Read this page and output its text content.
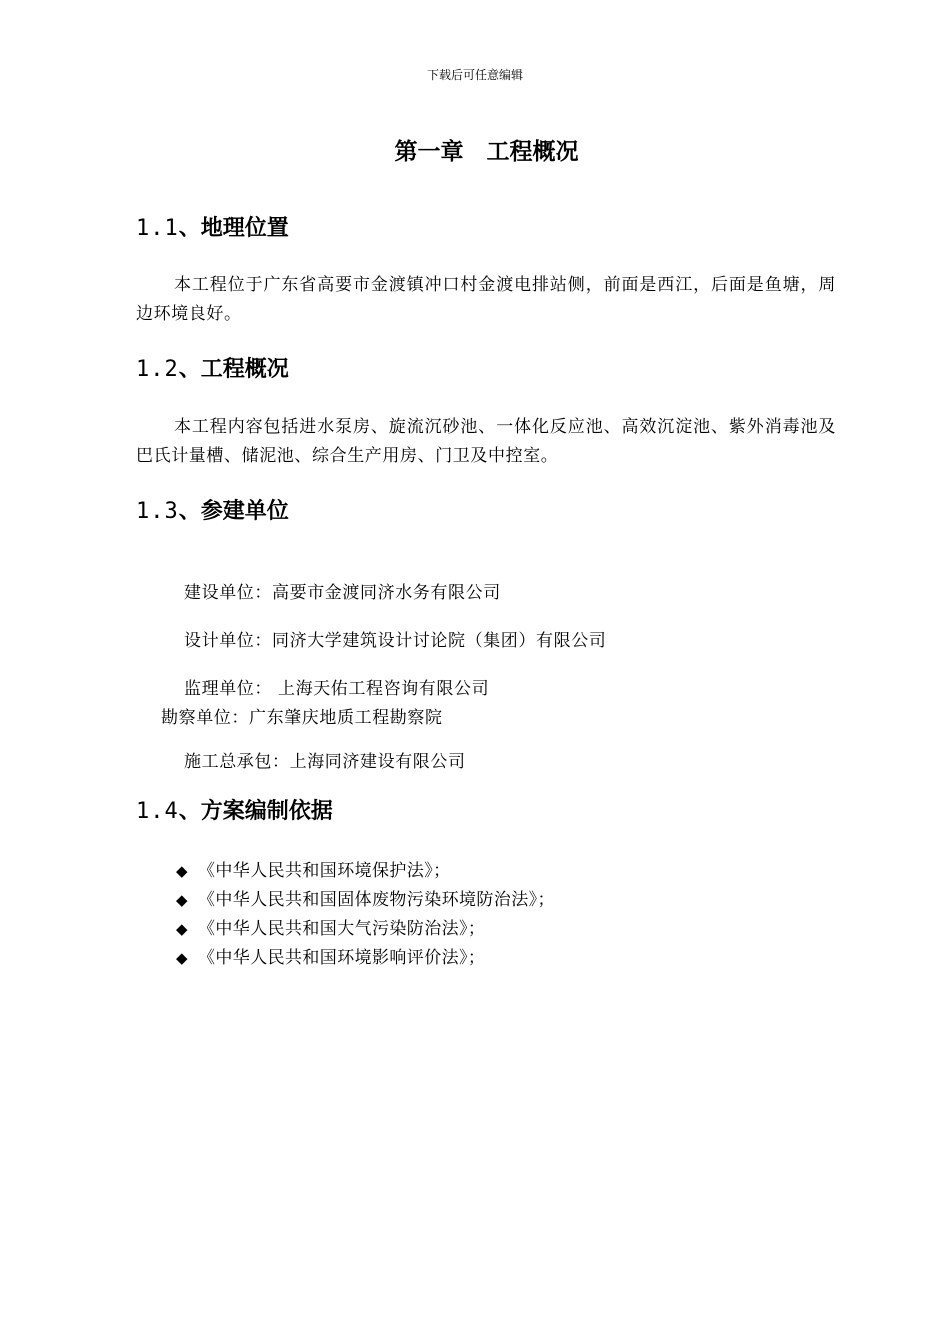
下载后可任意编辑
第一章　工程概况
1.1、地理位置
本工程位于广东省高要市金渡镇冲口村金渡电排站侧，前面是西江，后面是鱼塘，周边环境良好。
1.2、工程概况
本工程内容包括进水泵房、旋流沉砂池、一体化反应池、高效沉淀池、紫外消毒池及巴氏计量槽、储泥池、综合生产用房、门卫及中控室。
1.3、参建单位
建设单位：高要市金渡同济水务有限公司
设计单位：同济大学建筑设计讨论院（集团）有限公司
监理单位： 上海天佑工程咨询有限公司
勘察单位：广东肇庆地质工程勘察院
施工总承包：上海同济建设有限公司
1.4、方案编制依据
◆ 《中华人民共和国环境保护法》；
◆ 《中华人民共和国固体废物污染环境防治法》；
◆ 《中华人民共和国大气污染防治法》；
◆ 《中华人民共和国环境影响评价法》；
